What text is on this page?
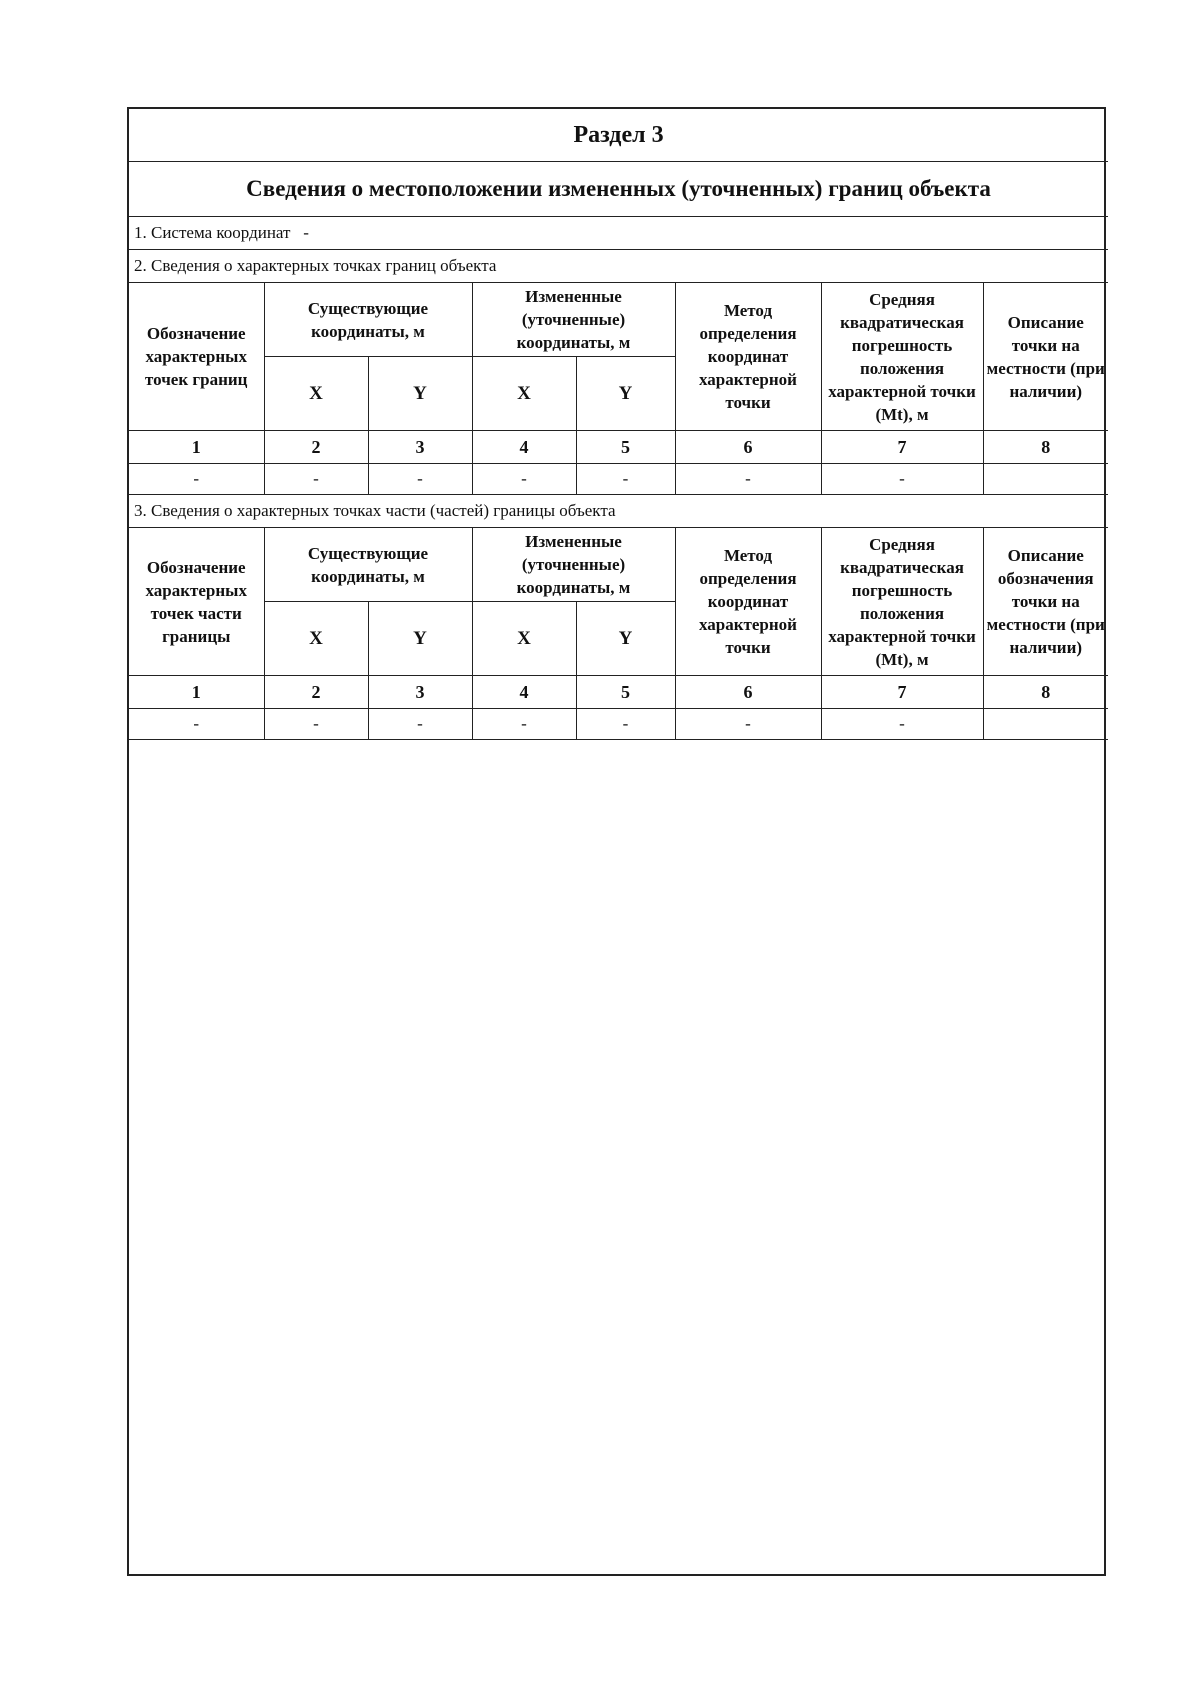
Раздел 3							
Сведения о местоположении измененных (уточненных) границ объекта							
1. Система координат -							
2. Сведения о характерных точках границ объекта							
Обозначение характерных точек границ	Существующие координаты, м		Измененные (уточненные) координаты, м		Метод определения координат характерной точки	Средняя квадратическая погрешность положения характерной точки (Mt), м	Описание точки на местности (при наличии)
	X	Y	X	Y			
1	2	3	4	5	6	7	8
-	-	-	-	-	-	-	
3. Сведения о характерных точках части (частей) границы объекта							
Обозначение характерных точек части границы	Существующие координаты, м		Измененные (уточненные) координаты, м		Метод определения координат характерной точки	Средняя квадратическая погрешность положения характерной точки (Mt), м	Описание обозначения точки на местности (при наличии)
	X	Y	X	Y			
1	2	3	4	5	6	7	8
-	-	-	-	-	-	-	
